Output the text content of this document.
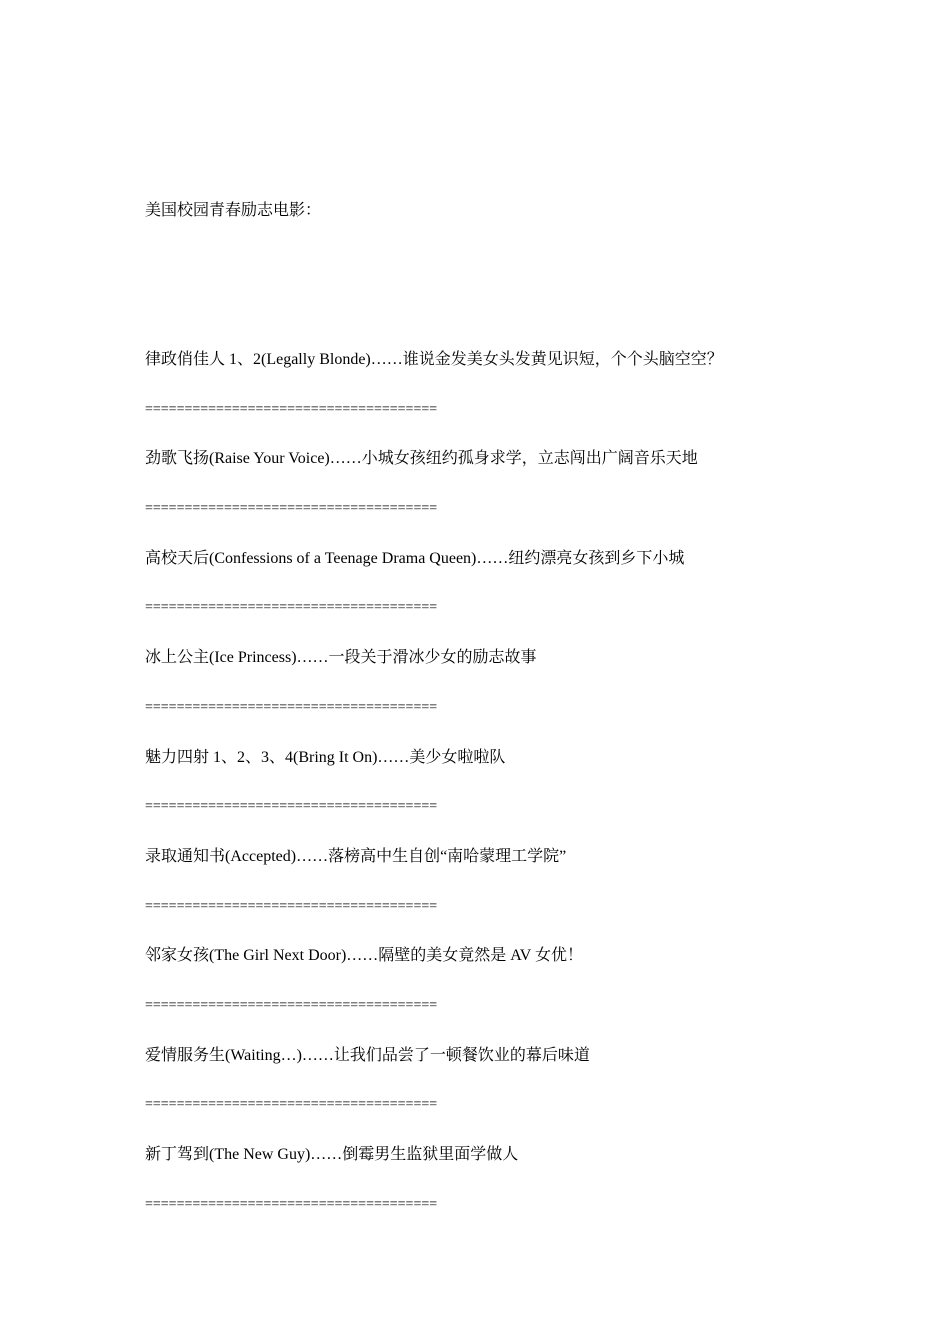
美国校园青春励志电影：
律政俏佳人 1、2(Legally Blonde)……谁说金发美女头发黄见识短，个个头脑空空？
=====================================
劲歌飞扬(Raise Your Voice)……小城女孩纽约孤身求学，立志闯出广阔音乐天地
=====================================
高校天后(Confessions of a Teenage Drama Queen)……纽约漂亮女孩到乡下小城
=====================================
冰上公主(Ice Princess)……一段关于滑冰少女的励志故事
=====================================
魅力四射 1、2、3、4(Bring It On)……美少女啦啦队
=====================================
录取通知书(Accepted)……落榜高中生自创“南哈蒙理工学院”
=====================================
邻家女孩(The Girl Next Door)……隔壁的美女竟然是 AV 女优！
=====================================
爱情服务生(Waiting…)……让我们品尝了一顿餐饮业的幕后味道
=====================================
新丁驾到(The New Guy)……倒霉男生监狱里面学做人
=====================================
